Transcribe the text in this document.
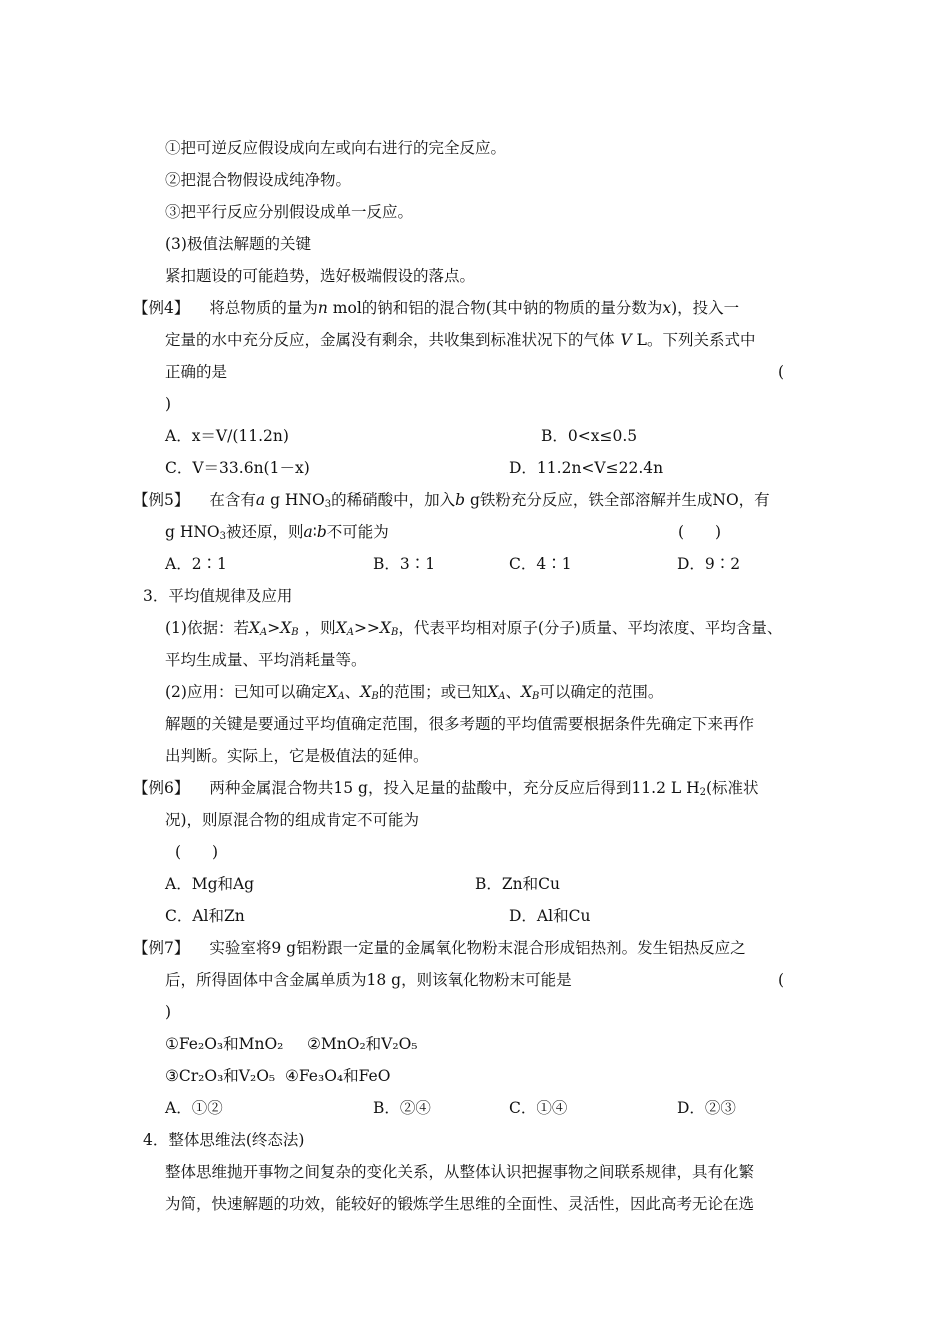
①把可逆反应假设成向左或向右进行的完全反应。
②把混合物假设成纯净物。
③把平行反应分别假设成单一反应。
(3)极值法解题的关键
紧扣题设的可能趋势，选好极端假设的落点。
【例4】 将总物质的量为n mol的钠和铝的混合物(其中钠的物质的量分数为x)，投入一
定量的水中充分反应，金属没有剩余，共收集到标准状况下的气体 V L。下列关系式中
正确的是	(
)
A．x＝V/(11.2n)	B．0<x≤0.5
C．V＝33.6n(1－x)	D．11.2n<V≤22.4n
【例5】 在含有a g $HNO_3$的稀硝酸中，加入b g铁粉充分反应，铁全部溶解并生成NO，有
g $HNO_3$被还原，则a∶b不可能为	(　　)
A．2∶1	B．3∶1	C．4∶1	D．9∶2
3．平均值规律及应用
(1)依据：若$X_A>X_B$ ，则$X_A>>X_B$，代表平均相对原子(分子)质量、平均浓度、平均含量、
平均生成量、平均消耗量等。
(2)应用：已知可以确定$X_A$、$X_B$的范围；或已知$X_A$、$X_B$可以确定的范围。
解题的关键是要通过平均值确定范围，很多考题的平均值需要根据条件先确定下来再作
出判断。实际上，它是极值法的延伸。
【例6】 两种金属混合物共15 g，投入足量的盐酸中，充分反应后得到11.2 L $H_2$(标准状
况)，则原混合物的组成肯定不可能为
(　　)
A．Mg和Ag	B．Zn和Cu
C．Al和Zn	D．Al和Cu
【例7】 实验室将9 g铝粉跟一定量的金属氧化物粉末混合形成铝热剂。发生铝热反应之
后，所得固体中含金属单质为18 g，则该氧化物粉末可能是	(
)
①Fe₂O₃和MnO₂ ②MnO₂和V₂O₅
③Cr₂O₃和V₂O₅ ④Fe₃O₄和FeO
A．①②	B．②④	C．①④	D．②③
4．整体思维法(终态法)
整体思维抛开事物之间复杂的变化关系，从整体认识把握事物之间联系规律，具有化繁
为简，快速解题的功效，能较好的锻炼学生思维的全面性、灵活性，因此高考无论在选
